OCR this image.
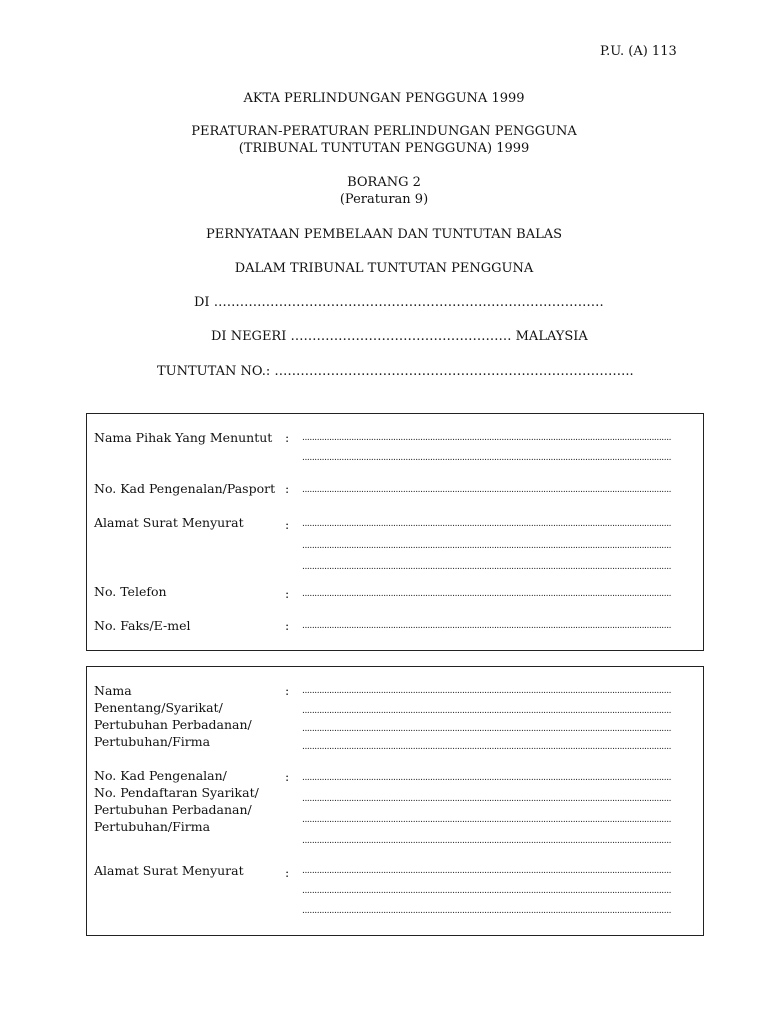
P.U. (A) 113
AKTA PERLINDUNGAN PENGGUNA 1999
PERATURAN-PERATURAN PERLINDUNGAN PENGGUNA
(TRIBUNAL TUNTUTAN PENGGUNA) 1999
BORANG 2
(Peraturan 9)
PERNYATAAN PEMBELAAN DAN TUNTUTAN BALAS
DALAM TRIBUNAL TUNTUTAN PENGGUNA
DI ………………………………………………………………………………
DI NEGERI …………………………………………… MALAYSIA
TUNTUTAN NO.: ………………………………………………………………………..
Nama Pihak Yang Menuntut : ......................................................................................................................................................
......................................................................................................................................................
No. Kad Pengenalan/Pasport : ......................................................................................................................................................
Alamat Surat Menyurat	: ......................................................................................................................................................
......................................................................................................................................................
......................................................................................................................................................
No. Telefon	: ......................................................................................................................................................
No. Faks/E-mel	: ......................................................................................................................................................
Nama
Penentang/Syarikat/
Pertubuhan Perbadanan/
Pertubuhan/Firma
: ......................................................................................................................................................
......................................................................................................................................................
......................................................................................................................................................
......................................................................................................................................................
No. Kad Pengenalan/
No. Pendaftaran Syarikat/
Pertubuhan Perbadanan/
Pertubuhan/Firma
: ......................................................................................................................................................
......................................................................................................................................................
......................................................................................................................................................
......................................................................................................................................................
Alamat Surat Menyurat	: ......................................................................................................................................................
......................................................................................................................................................
......................................................................................................................................................
